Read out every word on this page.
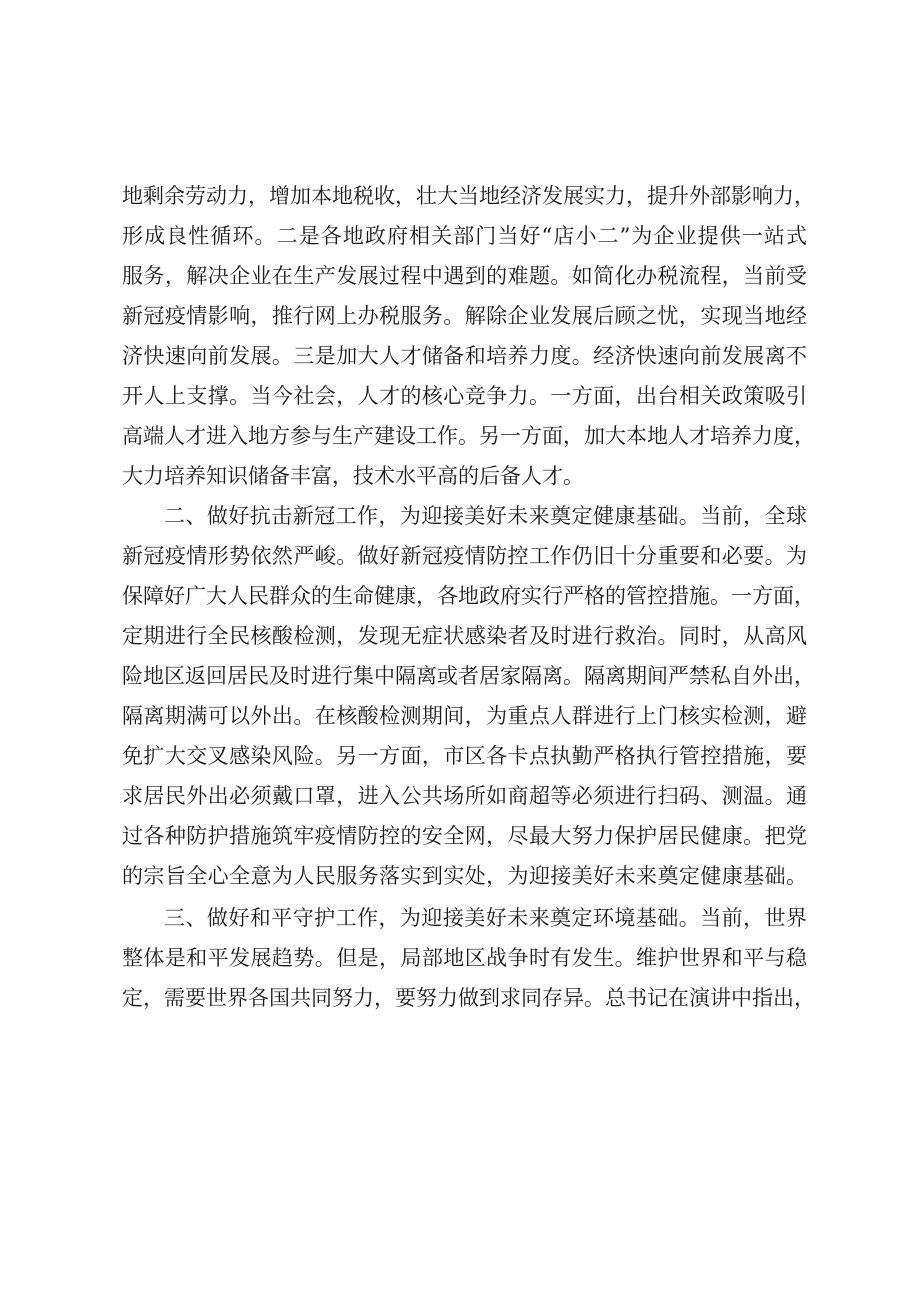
地剩余劳动力，增加本地税收，壮大当地经济发展实力，提升外部影响力，
形成良性循环。二是各地政府相关部门当好“店小二”为企业提供一站式
服务，解决企业在生产发展过程中遇到的难题。如简化办税流程，当前受
新冠疫情影响，推行网上办税服务。解除企业发展后顾之忧，实现当地经
济快速向前发展。三是加大人才储备和培养力度。经济快速向前发展离不
开人上支撑。当今社会，人才的核心竞争力。一方面，出台相关政策吸引
高端人才进入地方参与生产建设工作。另一方面，加大本地人才培养力度，
大力培养知识储备丰富，技术水平高的后备人才。
二、做好抗击新冠工作，为迎接美好未来奠定健康基础。当前，全球
新冠疫情形势依然严峻。做好新冠疫情防控工作仍旧十分重要和必要。为
保障好广大人民群众的生命健康，各地政府实行严格的管控措施。一方面，
定期进行全民核酸检测，发现无症状感染者及时进行救治。同时，从高风
险地区返回居民及时进行集中隔离或者居家隔离。隔离期间严禁私自外出，
隔离期满可以外出。在核酸检测期间，为重点人群进行上门核实检测，避
免扩大交叉感染风险。另一方面，市区各卡点执勤严格执行管控措施，要
求居民外出必须戴口罩，进入公共场所如商超等必须进行扫码、测温。通
过各种防护措施筑牢疫情防控的安全网，尽最大努力保护居民健康。把党
的宗旨全心全意为人民服务落实到实处，为迎接美好未来奠定健康基础。
三、做好和平守护工作，为迎接美好未来奠定环境基础。当前，世界
整体是和平发展趋势。但是，局部地区战争时有发生。维护世界和平与稳
定，需要世界各国共同努力，要努力做到求同存异。总书记在演讲中指出，
